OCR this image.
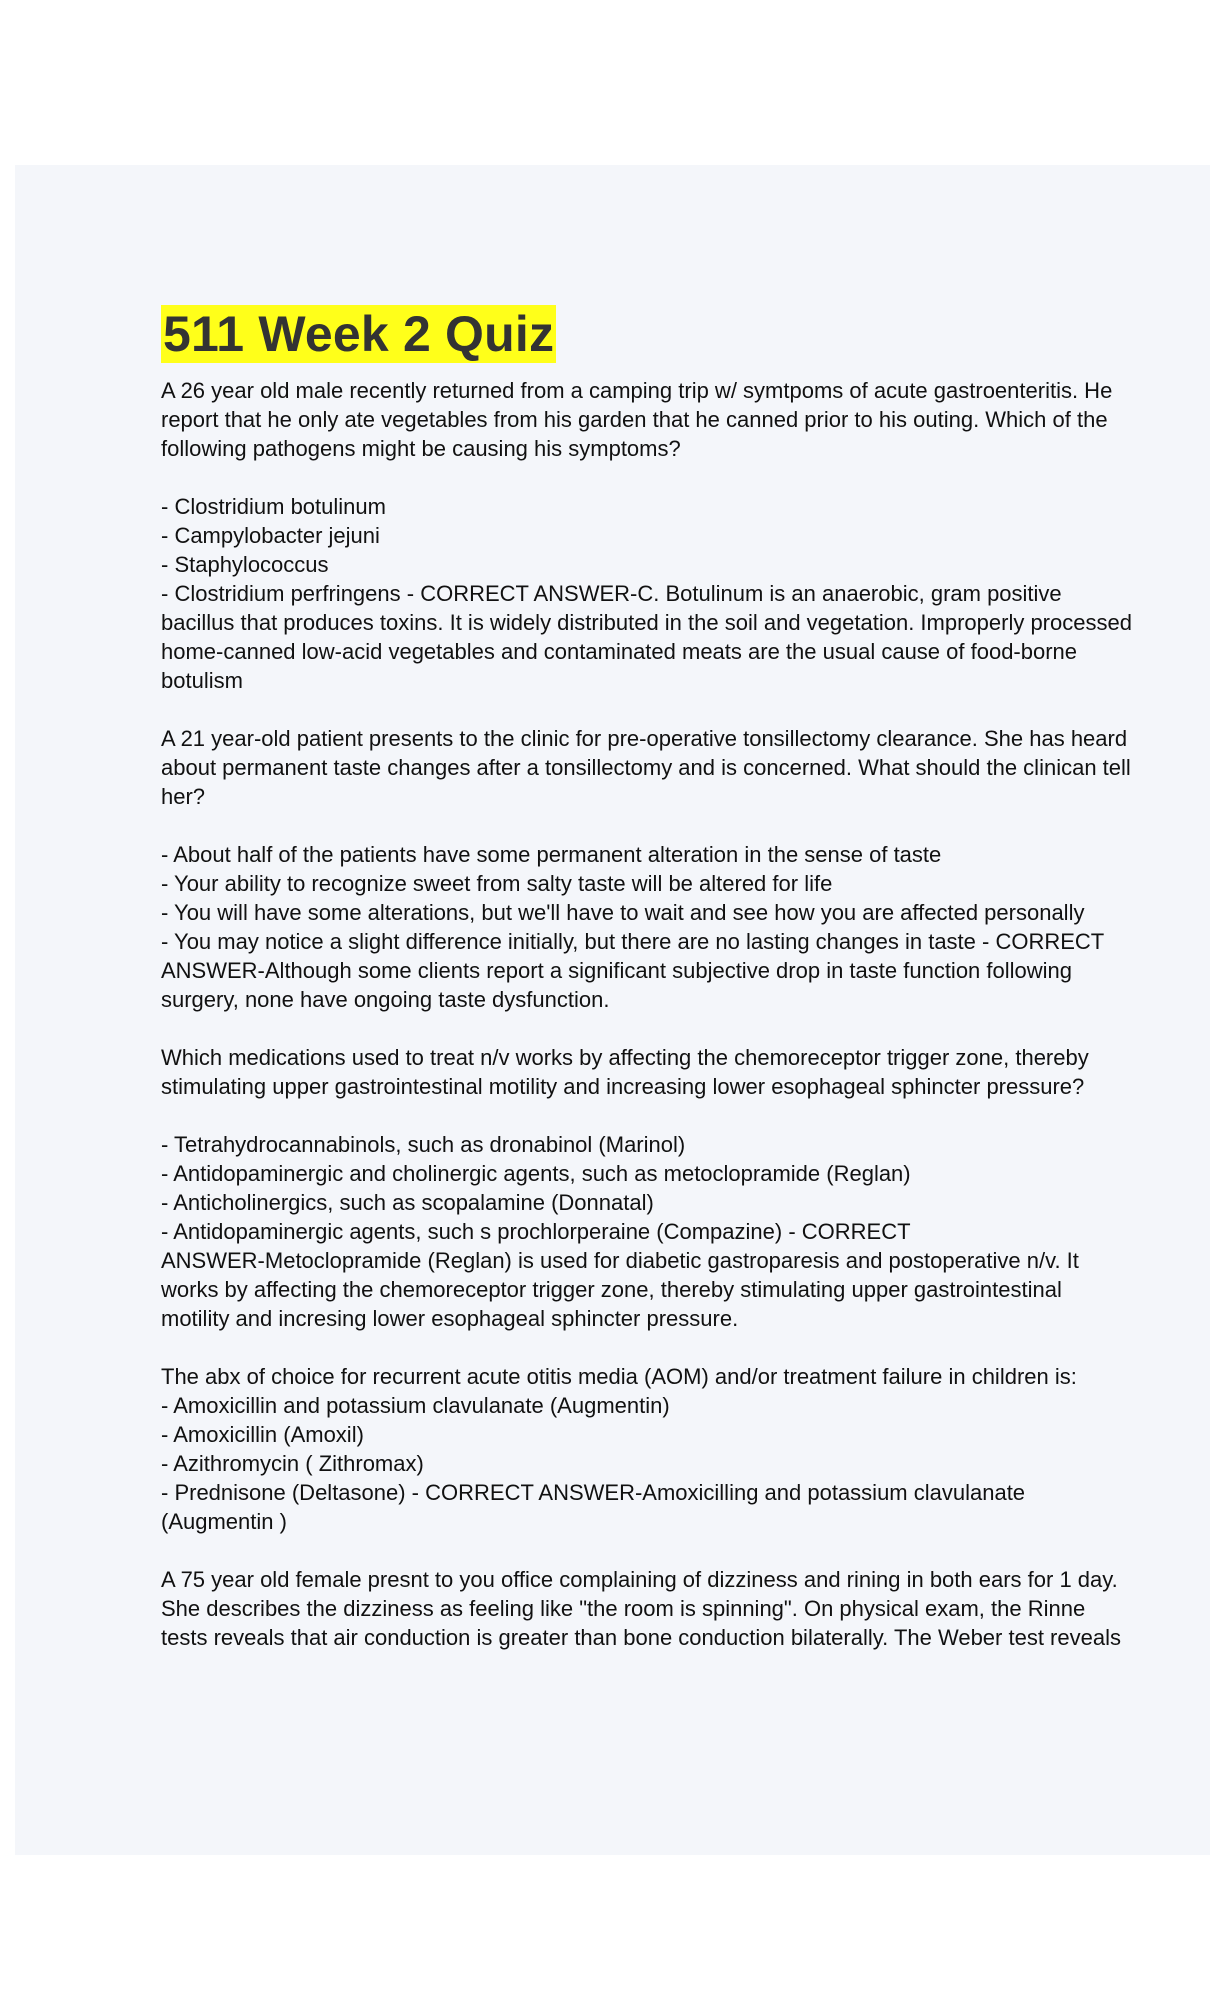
511 Week 2 Quiz

A 26 year old male recently returned from a camping trip w/ symtpoms of acute gastroenteritis. He

report that he only ate vegetables from his garden that he canned prior to his outing. Which of the

following pathogens might be causing his symptoms?

- Clostridium botulinum

- Campylobacter jejuni

- Staphylococcus

- Clostridium perfringens - CORRECT ANSWER-C. Botulinum is an anaerobic, gram positive

bacillus that produces toxins. It is widely distributed in the soil and vegetation. Improperly processed

home-canned low-acid vegetables and contaminated meats are the usual cause of food-borne

botulism

A 21 year-old patient presents to the clinic for pre-operative tonsillectomy clearance. She has heard

about permanent taste changes after a tonsillectomy and is concerned. What should the clinican tell

her?

- About half of the patients have some permanent alteration in the sense of taste

- Your ability to recognize sweet from salty taste will be altered for life

- You will have some alterations, but we'll have to wait and see how you are affected personally

- You may notice a slight difference initially, but there are no lasting changes in taste - CORRECT

ANSWER-Although some clients report a significant subjective drop in taste function following

surgery, none have ongoing taste dysfunction.

Which medications used to treat n/v works by affecting the chemoreceptor trigger zone, thereby

stimulating upper gastrointestinal motility and increasing lower esophageal sphincter pressure?

- Tetrahydrocannabinols, such as dronabinol (Marinol)

- Antidopaminergic and cholinergic agents, such as metoclopramide (Reglan)

- Anticholinergics, such as scopalamine (Donnatal)

- Antidopaminergic agents, such s prochlorperaine (Compazine) - CORRECT

ANSWER-Metoclopramide (Reglan) is used for diabetic gastroparesis and postoperative n/v. It

works by affecting the chemoreceptor trigger zone, thereby stimulating upper gastrointestinal

motility and incresing lower esophageal sphincter pressure.

The abx of choice for recurrent acute otitis media (AOM) and/or treatment failure in children is:

- Amoxicillin and potassium clavulanate (Augmentin)

- Amoxicillin (Amoxil)

- Azithromycin ( Zithromax)

- Prednisone (Deltasone) - CORRECT ANSWER-Amoxicilling and potassium clavulanate

(Augmentin )

A 75 year old female presnt to you office complaining of dizziness and rining in both ears for 1 day.

She describes the dizziness as feeling like "the room is spinning". On physical exam, the Rinne

tests reveals that air conduction is greater than bone conduction bilaterally. The Weber test reveals
